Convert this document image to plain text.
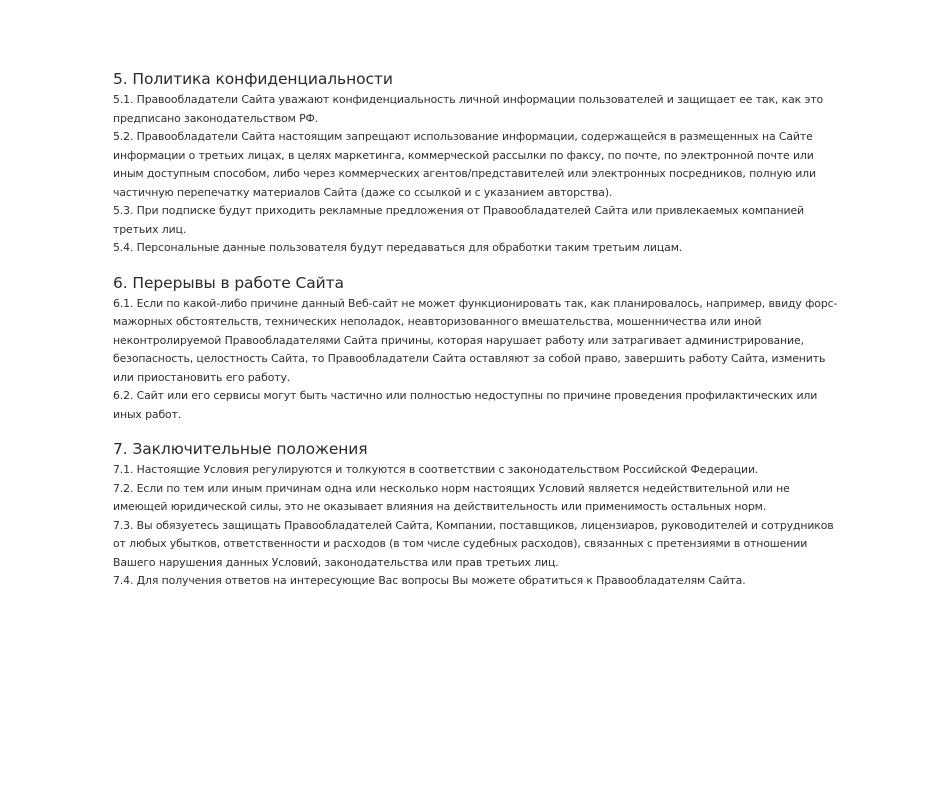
5. Политика конфиденциальности

5.1. Правообладатели Сайта уважают конфиденциальность личной информации пользователей и защищает ее так, как это предписано законодательством РФ.

5.2. Правообладатели Сайта настоящим запрещают использование информации, содержащейся в размещенных на Сайте информации о третьих лицах, в целях маркетинга, коммерческой рассылки по факсу, по почте, по электронной почте или иным доступным способом, либо через коммерческих агентов/представителей или электронных посредников, полную или частичную перепечатку материалов Сайта (даже со ссылкой и с указанием авторства).

5.3. При подписке будут приходить рекламные предложения от Правообладателей Сайта или привлекаемых компанией третьих лиц.

5.4. Персональные данные пользователя будут передаваться для обработки таким третьим лицам.

6. Перерывы в работе Сайта

6.1. Если по какой-либо причине данный Веб-сайт не может функционировать так, как планировалось, например, ввиду форс-мажорных обстоятельств, технических неполадок, неавторизованного вмешательства, мошенничества или иной неконтролируемой Правообладателями Сайта причины, которая нарушает работу или затрагивает администрирование, безопасность, целостность Сайта, то Правообладатели Сайта оставляют за собой право, завершить работу Сайта, изменить или приостановить его работу.

6.2. Сайт или его сервисы могут быть частично или полностью недоступны по причине проведения профилактических или иных работ.

7. Заключительные положения

7.1. Настоящие Условия регулируются и толкуются в соответствии с законодательством Российской Федерации.

7.2. Если по тем или иным причинам одна или несколько норм настоящих Условий является недействительной или не имеющей юридической силы, это не оказывает влияния на действительность или применимость остальных норм.

7.3. Вы обязуетесь защищать Правообладателей Сайта, Компании, поставщиков, лицензиаров, руководителей и сотрудников от любых убытков, ответственности и расходов (в том числе судебных расходов), связанных с претензиями в отношении Вашего нарушения данных Условий, законодательства или прав третьих лиц.

7.4. Для получения ответов на интересующие Вас вопросы Вы можете обратиться к Правообладателям Сайта.
